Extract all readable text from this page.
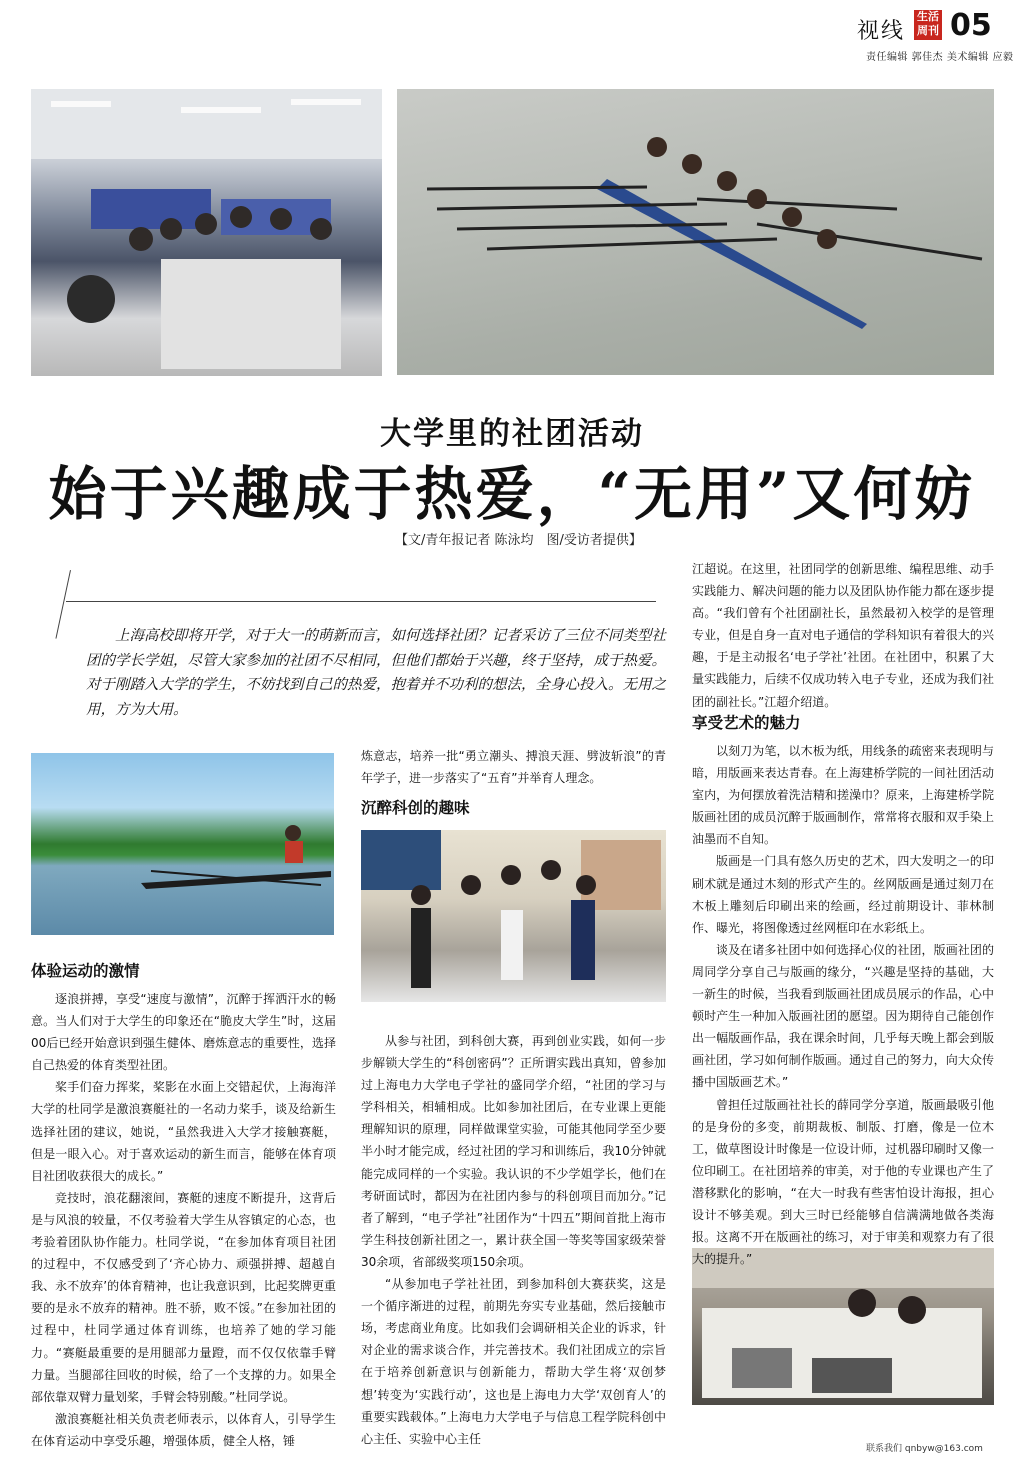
视线
生活周刊 05
责任编辑 郭佳杰 美术编辑 应毅
大学里的社团活动
始于兴趣成于热爱，“无用”又何妨
【文/青年报记者 陈泳均　图/受访者提供】
上海高校即将开学，对于大一的萌新而言，如何选择社团？记者采访了三位不同类型社团的学长学姐，尽管大家参加的社团不尽相同，但他们都始于兴趣，终于坚持，成于热爱。对于刚踏入大学的学生，不妨找到自己的热爱，抱着并不功利的想法，全身心投入。无用之用，方为大用。
体验运动的激情

逐浪拼搏，享受“速度与激情”，沉醉于挥洒汗水的畅意。当人们对于大学生的印象还在“脆皮大学生”时，这届00后已经开始意识到强生健体、磨炼意志的重要性，选择自己热爱的体育类型社团。

桨手们奋力挥桨，桨影在水面上交错起伏，上海海洋大学的杜同学是激浪赛艇社的一名动力桨手，谈及给新生选择社团的建议，她说，“虽然我进入大学才接触赛艇，但是一眼入心。对于喜欢运动的新生而言，能够在体育项目社团收获很大的成长。”

竞技时，浪花翻滚间，赛艇的速度不断提升，这背后是与风浪的较量，不仅考验着大学生从容镇定的心态，也考验着团队协作能力。杜同学说，“在参加体育项目社团的过程中，不仅感受到了‘齐心协力、顽强拼搏、超越自我、永不放弃’的体育精神，也让我意识到，比起奖牌更重要的是永不放弃的精神。胜不骄，败不馁。”在参加社团的过程中，杜同学通过体育训练，也培养了她的学习能力。“赛艇最重要的是用腿部力量蹬，而不仅仅依靠手臂力量。当腿部往回收的时候，给了一个支撑的力。如果全部依靠双臂力量划桨，手臂会特别酸。”杜同学说。

激浪赛艇社相关负责老师表示，以体育人，引导学生在体育运动中享受乐趣，增强体质，健全人格，锤

炼意志，培养一批“勇立潮头、搏浪天涯、劈波斩浪”的青年学子，进一步落实了“五育”并举育人理念。

沉醉科创的趣味

从参与社团，到科创大赛，再到创业实践，如何一步步解锁大学生的“科创密码”？正所谓实践出真知，曾参加过上海电力大学电子学社的盛同学介绍，“社团的学习与学科相关，相辅相成。比如参加社团后，在专业课上更能理解知识的原理，同样做课堂实验，可能其他同学至少要半小时才能完成，经过社团的学习和训练后，我10分钟就能完成同样的一个实验。我认识的不少学姐学长，他们在考研面试时，都因为在社团内参与的科创项目而加分。”记者了解到，“电子学社”社团作为“十四五”期间首批上海市学生科技创新社团之一，累计获全国一等奖等国家级荣誉30余项，省部级奖项150余项。

“从参加电子学社社团，到参加科创大赛获奖，这是一个循序渐进的过程，前期先夯实专业基础，然后接触市场，考虑商业角度。比如我们会调研相关企业的诉求，针对企业的需求谈合作，并完善技术。我们社团成立的宗旨在于培养创新意识与创新能力，帮助大学生将‘双创梦想’转变为‘实践行动’，这也是上海电力大学‘双创育人’的重要实践载体。”上海电力大学电子与信息工程学院科创中心主任、实验中心主任

江超说。在这里，社团同学的创新思维、编程思维、动手实践能力、解决问题的能力以及团队协作能力都在逐步提高。“我们曾有个社团副社长，虽然最初入校学的是管理专业，但是自身一直对电子通信的学科知识有着很大的兴趣，于是主动报名‘电子学社’社团。在社团中，积累了大量实践能力，后续不仅成功转入电子专业，还成为我们社团的副社长。”江超介绍道。

享受艺术的魅力

以刻刀为笔，以木板为纸，用线条的疏密来表现明与暗，用版画来表达青春。在上海建桥学院的一间社团活动室内，为何摆放着洗洁精和搓澡巾？原来，上海建桥学院版画社团的成员沉醉于版画制作，常常将衣服和双手染上油墨而不自知。

版画是一门具有悠久历史的艺术，四大发明之一的印刷术就是通过木刻的形式产生的。丝网版画是通过刻刀在木板上雕刻后印刷出来的绘画，经过前期设计、菲林制作、曝光，将图像透过丝网框印在水彩纸上。

谈及在诸多社团中如何选择心仪的社团，版画社团的周同学分享自己与版画的缘分，“兴趣是坚持的基础，大一新生的时候，当我看到版画社团成员展示的作品，心中顿时产生一种加入版画社团的愿望。因为期待自己能创作出一幅版画作品，我在课余时间，几乎每天晚上都会到版画社团，学习如何制作版画。通过自己的努力，向大众传播中国版画艺术。”

曾担任过版画社社长的薛同学分享道，版画最吸引他的是身份的多变，前期裁板、制版、打磨，像是一位木工，做草图设计时像是一位设计师，过机器印刷时又像一位印刷工。在社团培养的审美，对于他的专业课也产生了潜移默化的影响，“在大一时我有些害怕设计海报，担心设计不够美观。到大三时已经能够自信满满地做各类海报。这离不开在版画社的练习，对于审美和观察力有了很大的提升。”

联系我们 qnbyw@163.com
